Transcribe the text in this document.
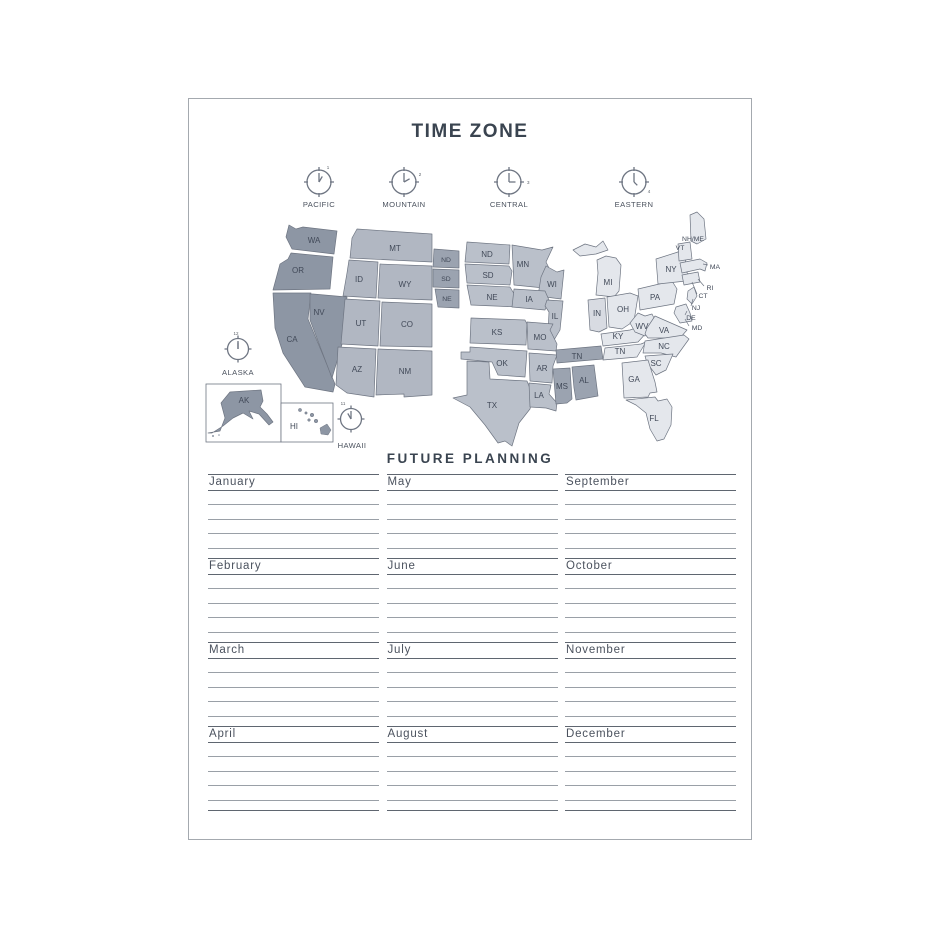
TIME ZONE
1
2
3
4
12
11
PACIFIC	MOUNTAIN	CENTRAL	EASTERN
ALASKA
HAWAII
WA
OR
CA
NV
MT
ID
WY
UT	CO
AZ	NM
ND
SD
NE
ND
MN
SD
WI
NE	IA
IL
KS
MO
OK
AR
TX
LA
MS
AL
TN
MI
IN OH
KY
TN
WV VA
PA
NY
NC
SC
GA
FL
NH/ME
VT
MA
RI
CT
NJ
DE
MD
AK
HI
FUTURE PLANNING
January
February
March
April
May
June
July
August
September
October
November
December
